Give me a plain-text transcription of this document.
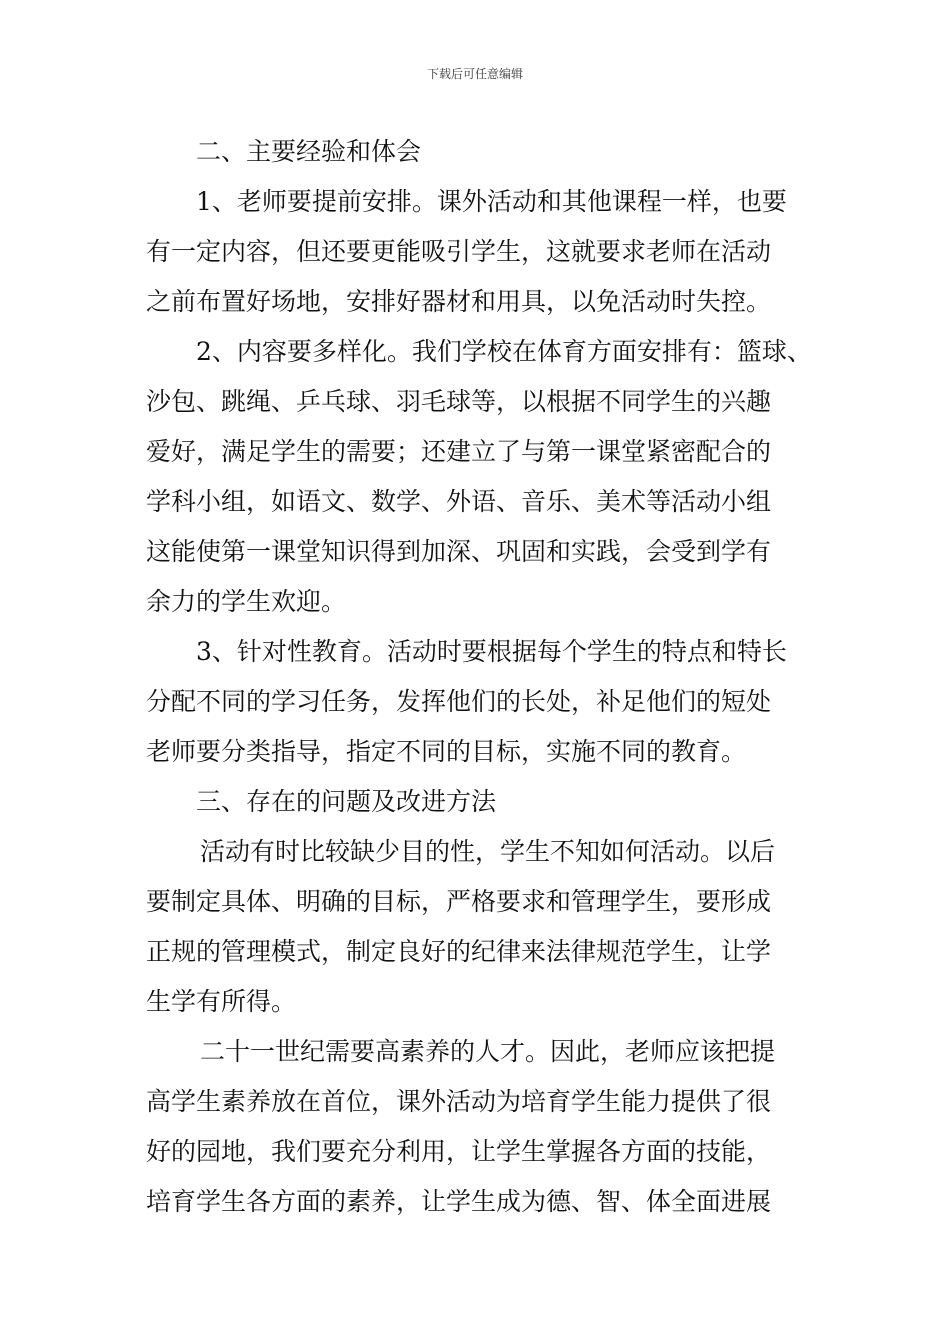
下载后可任意编辑
二、主要经验和体会
1、老师要提前安排。课外活动和其他课程一样，也要
有一定内容，但还要更能吸引学生，这就要求老师在活动
之前布置好场地，安排好器材和用具，以免活动时失控。
2、内容要多样化。我们学校在体育方面安排有：篮球、
沙包、跳绳、乒乓球、羽毛球等，以根据不同学生的兴趣
爱好，满足学生的需要；还建立了与第一课堂紧密配合的
学科小组，如语文、数学、外语、音乐、美术等活动小组
这能使第一课堂知识得到加深、巩固和实践，会受到学有
余力的学生欢迎。
3、针对性教育。活动时要根据每个学生的特点和特长
分配不同的学习任务，发挥他们的长处，补足他们的短处
老师要分类指导，指定不同的目标，实施不同的教育。
三、存在的问题及改进方法
活动有时比较缺少目的性，学生不知如何活动。以后
要制定具体、明确的目标，严格要求和管理学生，要形成
正规的管理模式，制定良好的纪律来法律规范学生，让学
生学有所得。
二十一世纪需要高素养的人才。因此，老师应该把提
高学生素养放在首位，课外活动为培育学生能力提供了很
好的园地，我们要充分利用，让学生掌握各方面的技能，
培育学生各方面的素养，让学生成为德、智、体全面进展
